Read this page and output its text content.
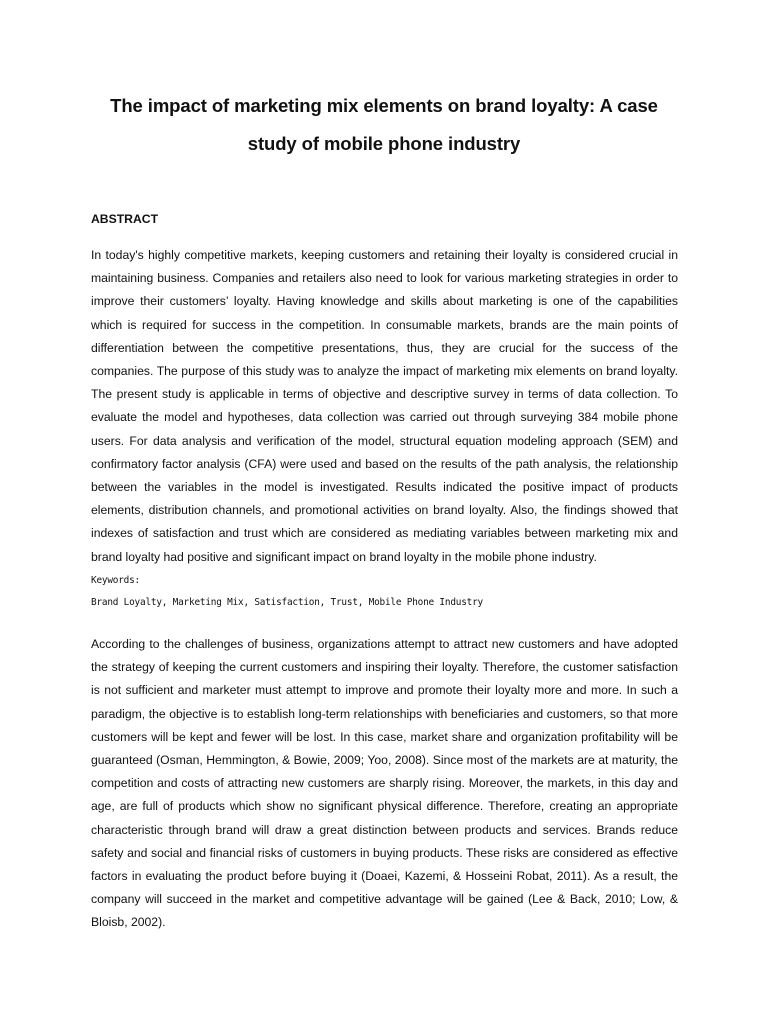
The impact of marketing mix elements on brand loyalty: A case study of mobile phone industry
ABSTRACT

In today's highly competitive markets, keeping customers and retaining their loyalty is considered crucial in maintaining business. Companies and retailers also need to look for various marketing strategies in order to improve their customers’ loyalty. Having knowledge and skills about marketing is one of the capabilities which is required for success in the competition. In consumable markets, brands are the main points of differentiation between the competitive presentations, thus, they are crucial for the success of the companies. The purpose of this study was to analyze the impact of marketing mix elements on brand loyalty. The present study is applicable in terms of objective and descriptive survey in terms of data collection. To evaluate the model and hypotheses, data collection was carried out through surveying 384 mobile phone users. For data analysis and verification of the model, structural equation modeling approach (SEM) and confirmatory factor analysis (CFA) were used and based on the results of the path analysis, the relationship between the variables in the model is investigated. Results indicated the positive impact of products elements, distribution channels, and promotional activities on brand loyalty. Also, the findings showed that indexes of satisfaction and trust which are considered as mediating variables between marketing mix and brand loyalty had positive and significant impact on brand loyalty in the mobile phone industry.

Keywords:

Brand Loyalty, Marketing Mix, Satisfaction, Trust, Mobile Phone Industry

According to the challenges of business, organizations attempt to attract new customers and have adopted the strategy of keeping the current customers and inspiring their loyalty. Therefore, the customer satisfaction is not sufficient and marketer must attempt to improve and promote their loyalty more and more. In such a paradigm, the objective is to establish long-term relationships with beneficiaries and customers, so that more customers will be kept and fewer will be lost. In this case, market share and organization profitability will be guaranteed (Osman, Hemmington, & Bowie, 2009; Yoo, 2008). Since most of the markets are at maturity, the competition and costs of attracting new customers are sharply rising. Moreover, the markets, in this day and age, are full of products which show no significant physical difference. Therefore, creating an appropriate characteristic through brand will draw a great distinction between products and services. Brands reduce safety and social and financial risks of customers in buying products. These risks are considered as effective factors in evaluating the product before buying it (Doaei, Kazemi, & Hosseini Robat, 2011). As a result, the company will succeed in the market and competitive advantage will be gained (Lee & Back, 2010; Low, & Bloisb, 2002).
